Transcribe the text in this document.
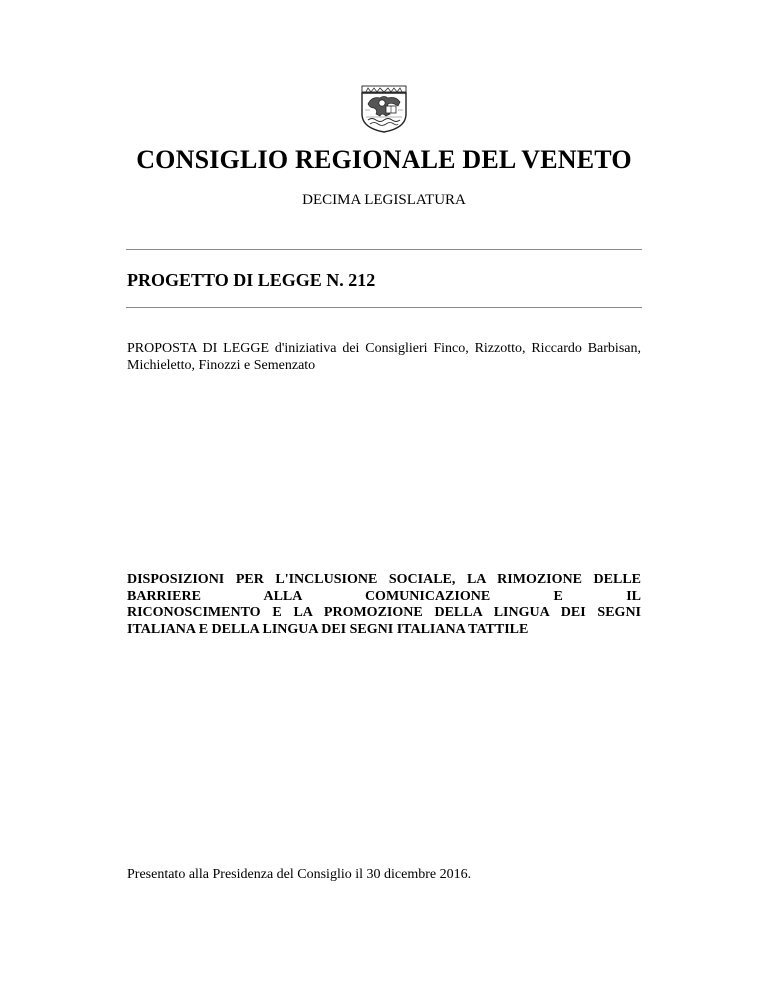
CONSIGLIO REGIONALE DEL VENETO
DECIMA LEGISLATURA
PROGETTO DI LEGGE N. 212
PROPOSTA DI LEGGE d'iniziativa dei Consiglieri Finco, Rizzotto, Riccardo Barbisan, Michieletto, Finozzi e Semenzato
DISPOSIZIONI PER L'INCLUSIONE SOCIALE, LA RIMOZIONE DELLE BARRIERE ALLA COMUNICAZIONE E IL
RICONOSCIMENTO E LA PROMOZIONE DELLA LINGUA DEI SEGNI ITALIANA E DELLA LINGUA DEI SEGNI ITALIANA TATTILE
Presentato alla Presidenza del Consiglio il 30 dicembre 2016.
